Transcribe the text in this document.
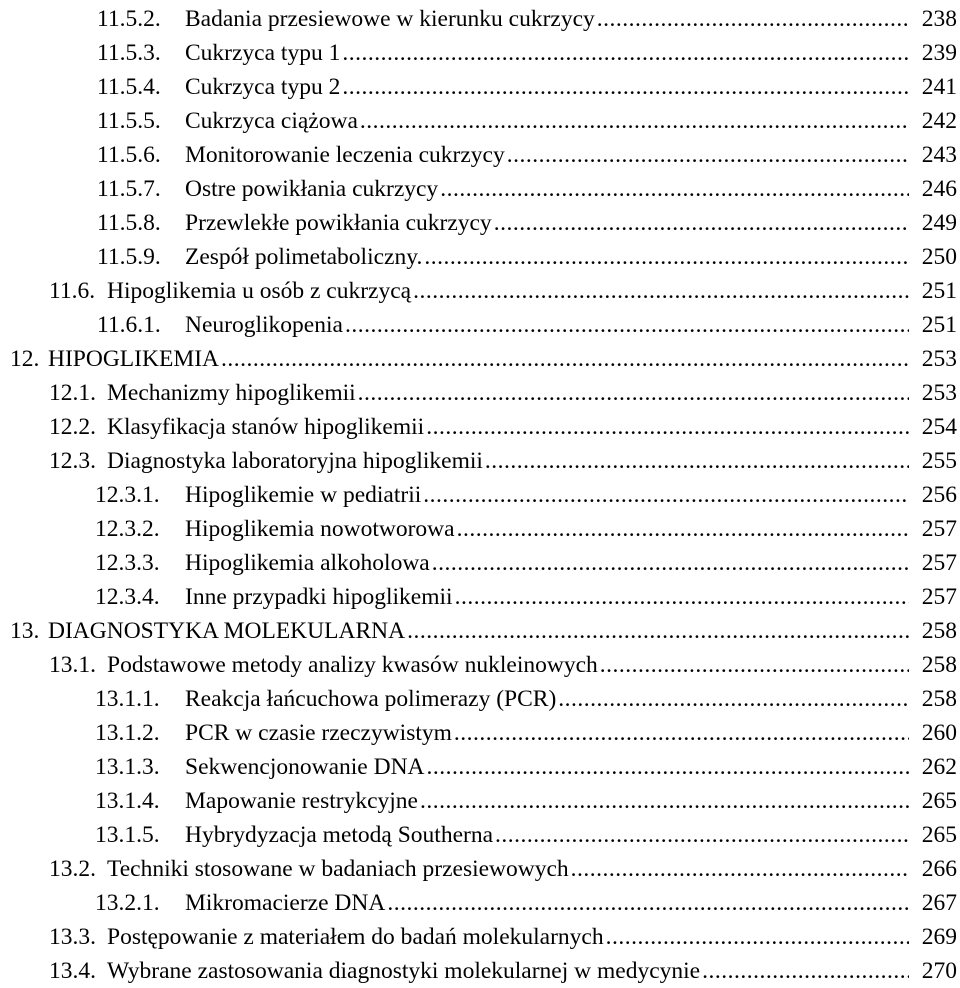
11.5.2.	Badania przesiewowe w kierunku cukrzycy .....	238
11.5.3.	Cukrzyca typu 1 .....	239
11.5.4.	Cukrzyca typu 2 .....	241
11.5.5.	Cukrzyca ciążowa .....	242
11.5.6.	Monitorowanie leczenia cukrzycy .....	243
11.5.7.	Ostre powikłania cukrzycy .....	246
11.5.8.	Przewlekłe powikłania cukrzycy .....	249
11.5.9.	Zespół polimetaboliczny. .....	250
11.6. Hipoglikemia u osób z cukrzycą .....	251
11.6.1.	Neuroglikopenia .....	251
12. HIPOGLIKEMIA .....	253
12.1. Mechanizmy hipoglikemii .....	253
12.2. Klasyfikacja stanów hipoglikemii .....	254
12.3. Diagnostyka laboratoryjna hipoglikemii .....	255
12.3.1.	Hipoglikemie w pediatrii .....	256
12.3.2.	Hipoglikemia nowotworowa .....	257
12.3.3.	Hipoglikemia alkoholowa .....	257
12.3.4.	Inne przypadki hipoglikemii .....	257
13. DIAGNOSTYKA MOLEKULARNA .....	258
13.1. Podstawowe metody analizy kwasów nukleinowych .....	258
13.1.1.	Reakcja łańcuchowa polimerazy (PCR) .....	258
13.1.2.	PCR w czasie rzeczywistym .....	260
13.1.3.	Sekwencjonowanie DNA .....	262
13.1.4.	Mapowanie restrykcyjne .....	265
13.1.5.	Hybrydyzacja metodą Southerna .....	265
13.2. Techniki stosowane w badaniach przesiewowych .....	266
13.2.1.	Mikromacierze DNA .....	267
13.3. Postępowanie z materiałem do badań molekularnych .....	269
13.4. Wybrane zastosowania diagnostyki molekularnej w medycynie .....	270
